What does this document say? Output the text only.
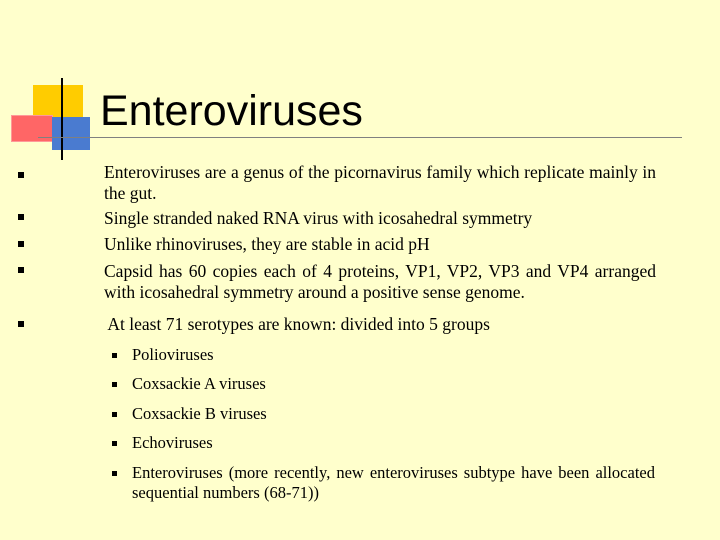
Enteroviruses

Enteroviruses are a genus of the picornavirus family which replicate mainly in the gut.

Single stranded naked RNA virus with icosahedral symmetry

Unlike rhinoviruses, they are stable in acid pH

Capsid has 60 copies each of 4 proteins, VP1, VP2, VP3 and VP4 arranged with icosahedral symmetry around a positive sense genome.

At least 71 serotypes are known: divided into 5 groups

Polioviruses

Coxsackie A viruses

Coxsackie B viruses

Echoviruses

Enteroviruses (more recently, new enteroviruses subtype have been allocated sequential numbers (68-71))
